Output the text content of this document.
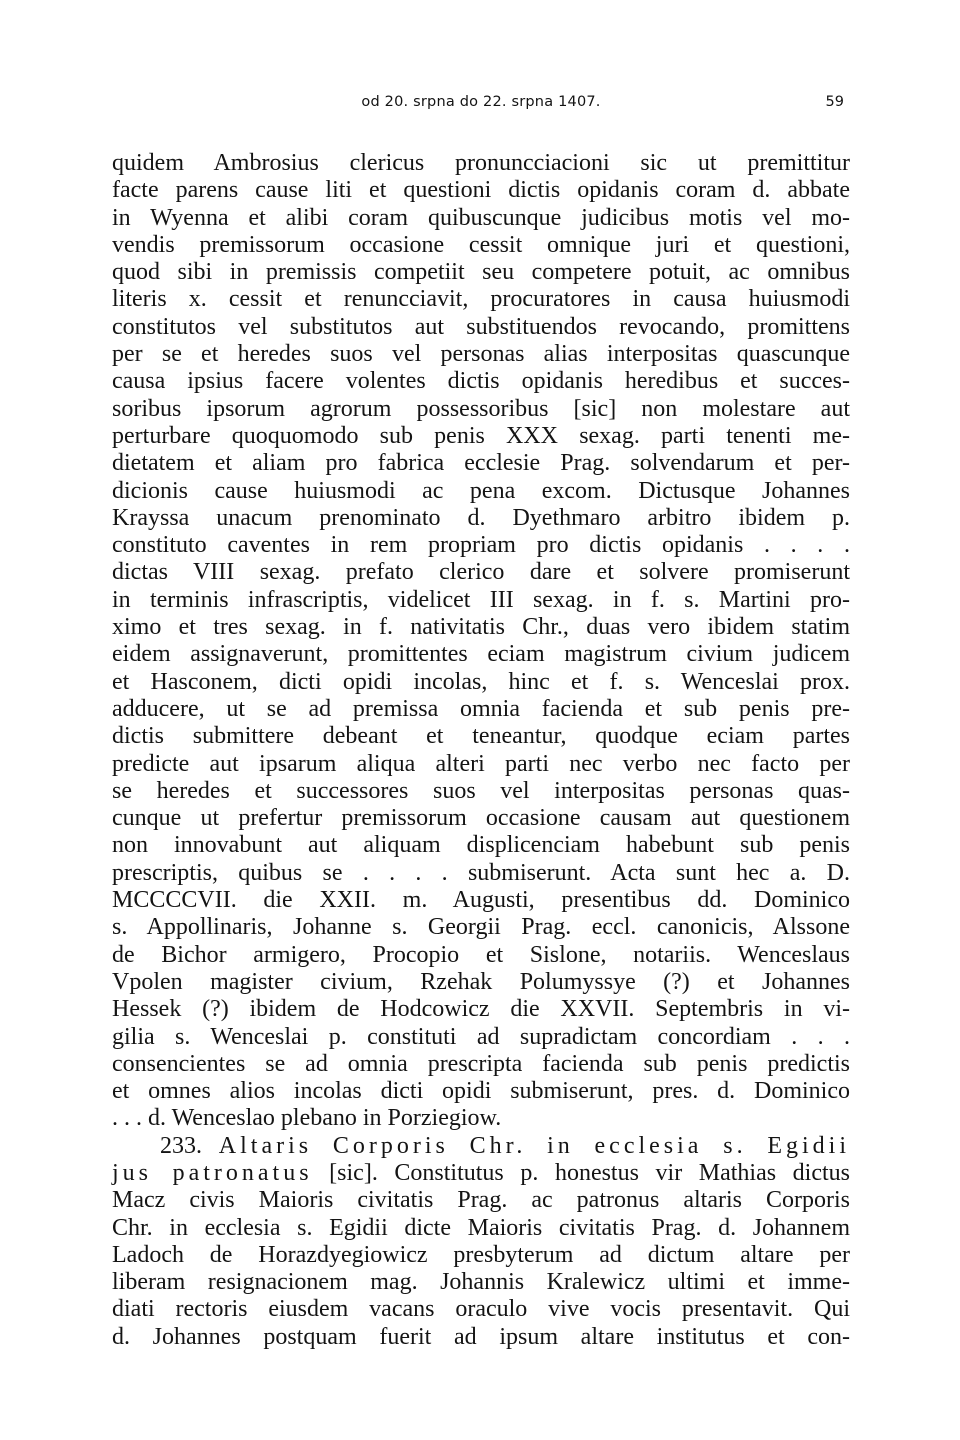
od 20. srpna do 22. srpna 1407.	59
quidem Ambrosius clericus pronuncciacioni sic ut premittitur
facte parens cause liti et questioni dictis opidanis coram d. abbate
in Wyenna et alibi coram quibuscunque judicibus motis vel mo-
vendis premissorum occasione cessit omnique juri et questioni,
quod sibi in premissis competiit seu competere potuit, ac omnibus
literis x. cessit et renuncciavit, procuratores in causa huiusmodi
constitutos vel substitutos aut substituendos revocando, promittens
per se et heredes suos vel personas alias interpositas quascunque
causa ipsius facere volentes dictis opidanis heredibus et succes-
soribus ipsorum agrorum possessoribus [sic] non molestare aut
perturbare quoquomodo sub penis XXX sexag. parti tenenti me-
dietatem et aliam pro fabrica ecclesie Prag. solvendarum et per-
dicionis cause huiusmodi ac pena excom. Dictusque Johannes
Krayssa unacum prenominato d. Dyethmaro arbitro ibidem p.
constituto caventes in rem propriam pro dictis opidanis . . . .
dictas VIII sexag. prefato clerico dare et solvere promiserunt
in terminis infrascriptis, videlicet III sexag. in f. s. Martini pro-
ximo et tres sexag. in f. nativitatis Chr., duas vero ibidem statim
eidem assignaverunt, promittentes eciam magistrum civium judicem
et Hasconem, dicti opidi incolas, hinc et f. s. Wenceslai prox.
adducere, ut se ad premissa omnia facienda et sub penis pre-
dictis submittere debeant et teneantur, quodque eciam partes
predicte aut ipsarum aliqua alteri parti nec verbo nec facto per
se heredes et successores suos vel interpositas personas quas-
cunque ut prefertur premissorum occasione causam aut questionem
non innovabunt aut aliquam displicenciam habebunt sub penis
prescriptis, quibus se . . . . submiserunt. Acta sunt hec a. D.
MCCCCVII. die XXII. m. Augusti, presentibus dd. Dominico
s. Appollinaris, Johanne s. Georgii Prag. eccl. canonicis, Alssone
de Bichor armigero, Procopio et Sislone, notariis. Wenceslaus
Vpolen magister civium, Rzehak Polumyssye (?) et Johannes
Hessek (?) ibidem de Hodcowicz die XXVII. Septembris in vi-
gilia s. Wenceslai p. constituti ad supradictam concordiam . . .
consencientes se ad omnia prescripta facienda sub penis predictis
et omnes alios incolas dicti opidi submiserunt, pres. d. Dominico
. . . d. Wenceslao plebano in Porziegiow.
233. Altaris Corporis Chr. in ecclesia s. Egidii
jus patronatus [sic]. Constitutus p. honestus vir Mathias dictus
Macz civis Maioris civitatis Prag. ac patronus altaris Corporis
Chr. in ecclesia s. Egidii dicte Maioris civitatis Prag. d. Johannem
Ladoch de Horazdyegiowicz presbyterum ad dictum altare per
liberam resignacionem mag. Johannis Kralewicz ultimi et imme-
diati rectoris eiusdem vacans oraculo vive vocis presentavit. Qui
d. Johannes postquam fuerit ad ipsum altare institutus et con-
